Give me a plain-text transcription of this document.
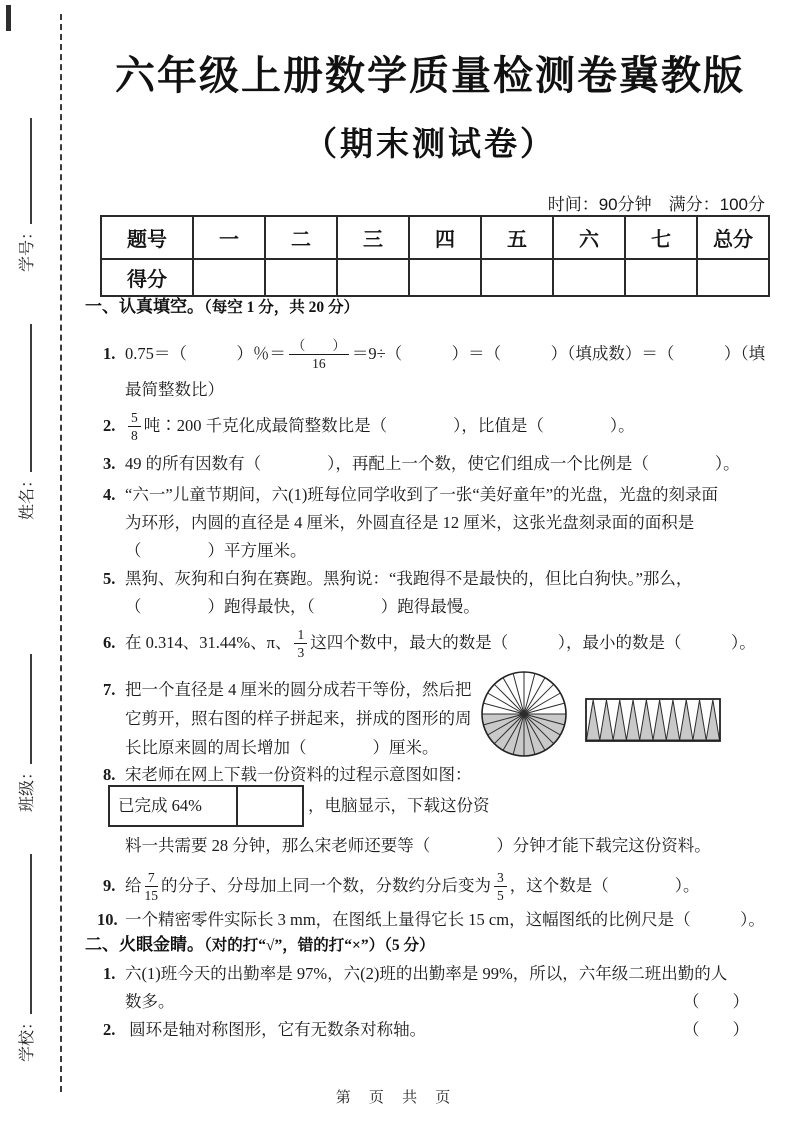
学号：
姓名：
班级：
学校：
六年级上册数学质量检测卷冀教版
（期末测试卷）
时间：90分钟　满分：100分
题号	一	二	三	四	五	六	七	总分
得分								
一、认真填空。（每空 1 分，共 20 分）
1. 0.75＝（　　　）％＝ $\frac{( )}{16} =9\div$（　　　）＝（　　　）（填成数）＝（　　　）（填
最简整数比）
2. $\frac{5}{8}$ 吨∶200 千克化成最简整数比是（　　　　），比值是（　　　　）。
3. 49 的所有因数有（　　　　），再配上一个数，使它们组成一个比例是（　　　　）。
4. “六一”儿童节期间，六(1)班每位同学收到了一张“美好童年”的光盘，光盘的刻录面
为环形，内圆的直径是 4 厘米，外圆直径是 12 厘米，这张光盘刻录面的面积是
（　　　　）平方厘米。
5. 黑狗、灰狗和白狗在赛跑。黑狗说：“我跑得不是最快的，但比白狗快。”那么，
（　　　　）跑得最快，（　　　　）跑得最慢。
6. 在 0.314、31.44%、π、 $\frac{1}{3}$ 这四个数中，最大的数是（　　　），最小的数是（　　　）。
7. 把一个直径是 4 厘米的圆分成若干等份，然后把
它剪开，照右图的样子拼起来，拼成的图形的周
长比原来圆的周长增加（　　　　）厘米。
8. 宋老师在网上下载一份资料的过程示意图如图：
已完成 64%	，电脑显示，下载这份资
料一共需要 28 分钟，那么宋老师还要等（　　　　）分钟才能下载完这份资料。
9. 给 $\frac{7}{15}$ 的分子、分母加上同一个数，分数约分后变为 $\frac{3}{5}$ ，这个数是（　　　　）。
10. 一个精密零件实际长 3 mm，在图纸上量得它长 15 cm，这幅图纸的比例尺是（　　　）。
二、火眼金睛。（对的打“√”，错的打“×”）（5 分）
1. 六(1)班今天的出勤率是 97%，六(2)班的出勤率是 99%，所以，六年级二班出勤的人
数多。	（　　）
2. 圆环是轴对称图形，它有无数条对称轴。	（　　）
第 页 共 页
